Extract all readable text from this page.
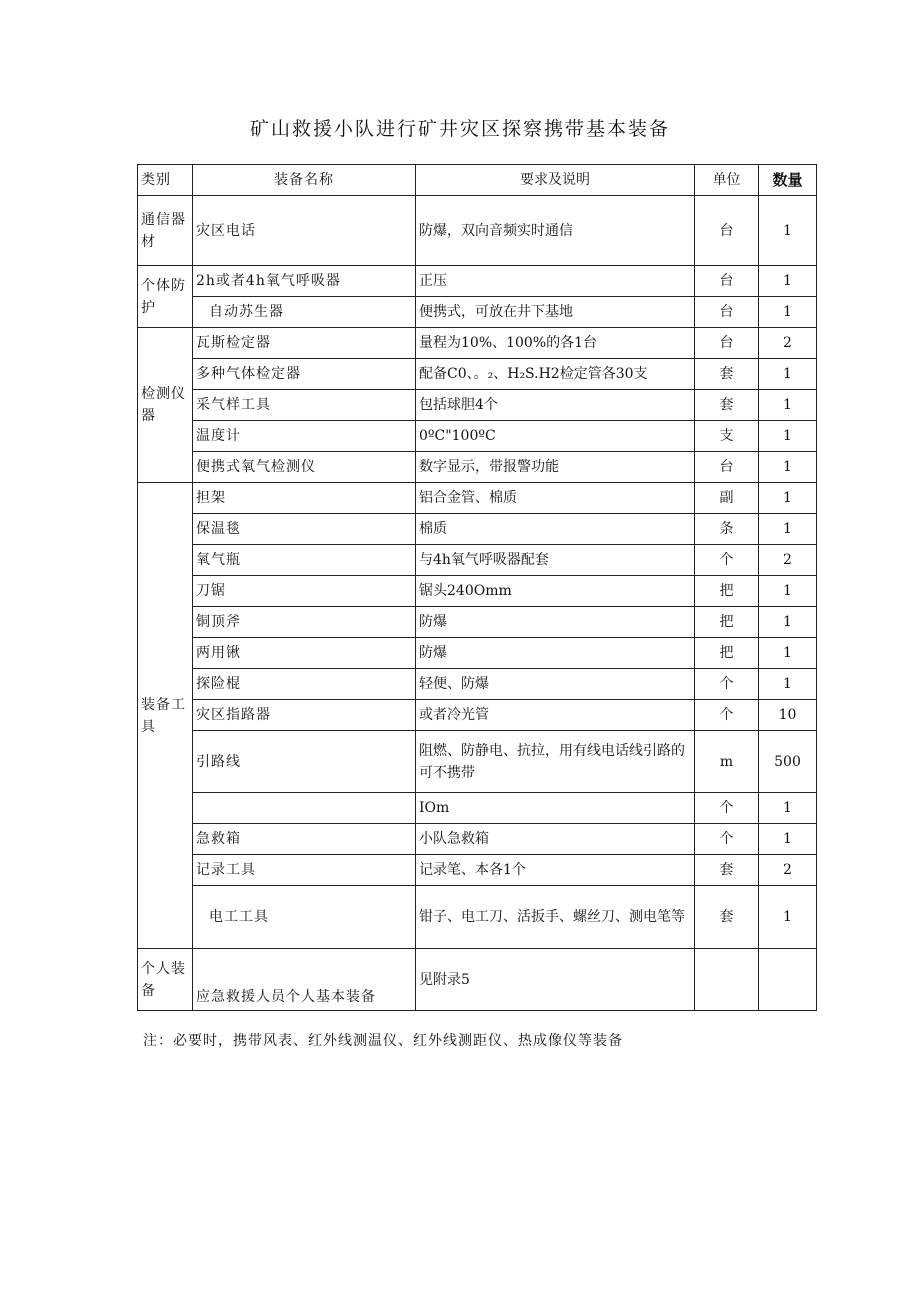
矿山救援小队进行矿井灾区探察携带基本装备
类别	装备名称	要求及说明	单位	数量
通信器材	灾区电话	防爆，双向音频实时通信	台	1
个体防护	2h或者4h氧气呼吸器	正压	台	1
	自动苏生器	便携式，可放在井下基地	台	1
检测仪器	瓦斯检定器	量程为10%、100%的各1台	台	2
	多种气体检定器	配备C0、。₂、H₂S.H2检定管各30支	套	1
	采气样工具	包括球胆4个	套	1
	温度计	0ºC"100ºC	支	1
	便携式氧气检测仪	数字显示，带报警功能	台	1
装备工具	担架	铝合金管、棉质	副	1
	保温毯	棉质	条	1
	氧气瓶	与4h氧气呼吸器配套	个	2
	刀锯	锯头240Omm	把	1
	铜顶斧	防爆	把	1
	两用锹	防爆	把	1
	探险棍	轻便、防爆	个	1
	灾区指路器	或者冷光管	个	10
	引路线	阻燃、防静电、抗拉，用有线电话线引路的可不携带	m	500
		IOm	个	1
	急救箱	小队急救箱	个	1
	记录工具	记录笔、本各1个	套	2
	电工工具	钳子、电工刀、活扳手、螺丝刀、测电笔等	套	1
个人装备	应急救援人员个人基本装备	见附录5		
注：必要时，携带风表、红外线测温仪、红外线测距仪、热成像仪等装备
